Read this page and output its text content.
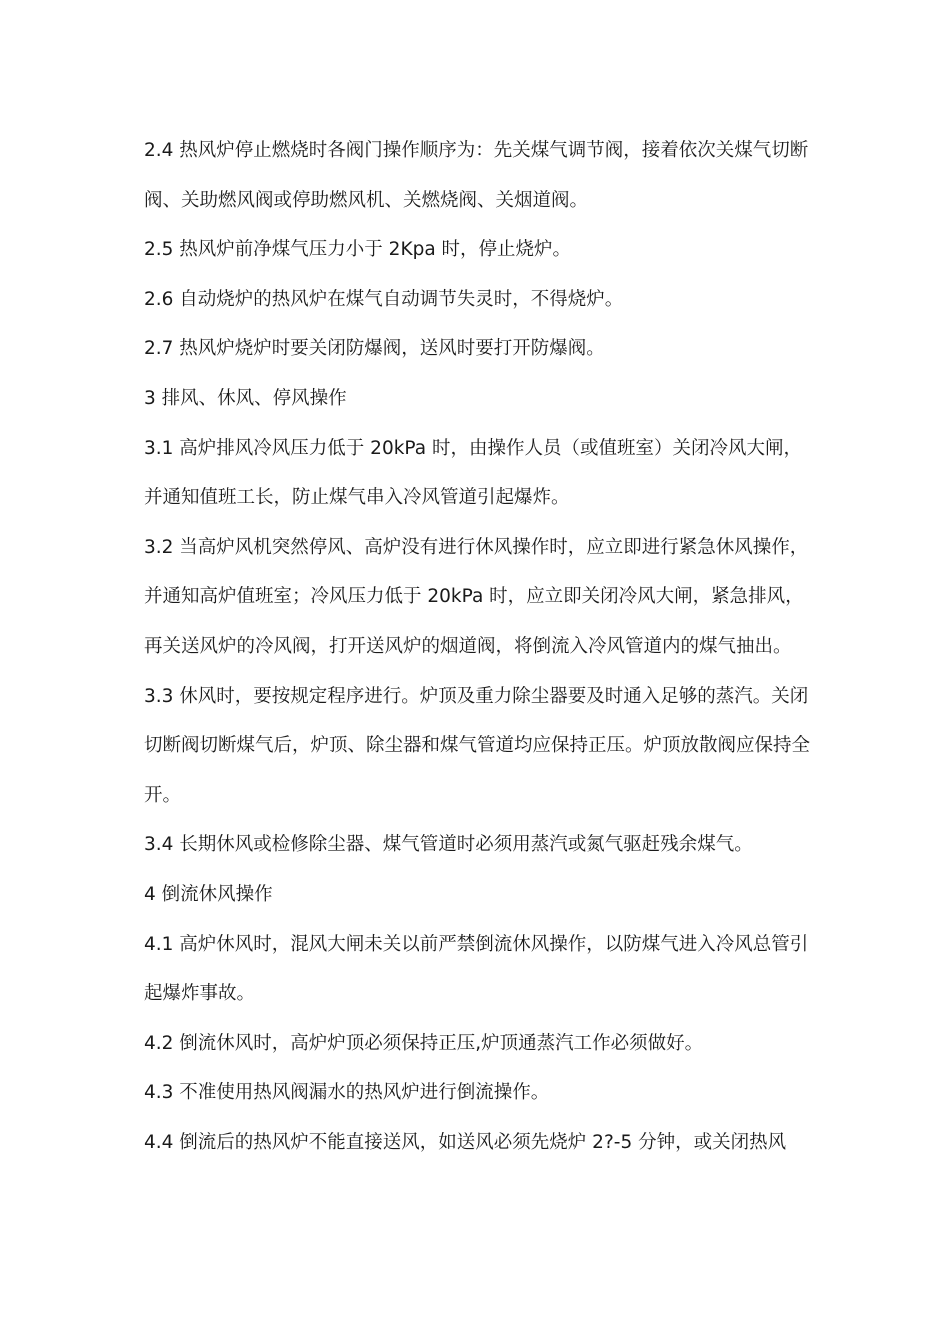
2.4 热风炉停止燃烧时各阀门操作顺序为：先关煤气调节阀，接着依次关煤气切断阀、关助燃风阀或停助燃风机、关燃烧阀、关烟道阀。

2.5 热风炉前净煤气压力小于 2Kpa 时，停止烧炉。

2.6 自动烧炉的热风炉在煤气自动调节失灵时，不得烧炉。

2.7 热风炉烧炉时要关闭防爆阀，送风时要打开防爆阀。

3 排风、休风、停风操作

3.1 高炉排风冷风压力低于 20kPa 时，由操作人员（或值班室）关闭冷风大闸，并通知值班工长，防止煤气串入冷风管道引起爆炸。

3.2 当高炉风机突然停风、高炉没有进行休风操作时，应立即进行紧急休风操作，并通知高炉值班室；冷风压力低于 20kPa 时，应立即关闭冷风大闸，紧急排风，再关送风炉的冷风阀，打开送风炉的烟道阀，将倒流入冷风管道内的煤气抽出。

3.3 休风时，要按规定程序进行。炉顶及重力除尘器要及时通入足够的蒸汽。关闭切断阀切断煤气后，炉顶、除尘器和煤气管道均应保持正压。炉顶放散阀应保持全开。

3.4 长期休风或检修除尘器、煤气管道时必须用蒸汽或氮气驱赶残余煤气。

4 倒流休风操作

4.1 高炉休风时，混风大闸未关以前严禁倒流休风操作，以防煤气进入冷风总管引起爆炸事故。

4.2 倒流休风时，高炉炉顶必须保持正压,炉顶通蒸汽工作必须做好。

4.3 不准使用热风阀漏水的热风炉进行倒流操作。

4.4 倒流后的热风炉不能直接送风，如送风必须先烧炉 2?-5 分钟，或关闭热风
